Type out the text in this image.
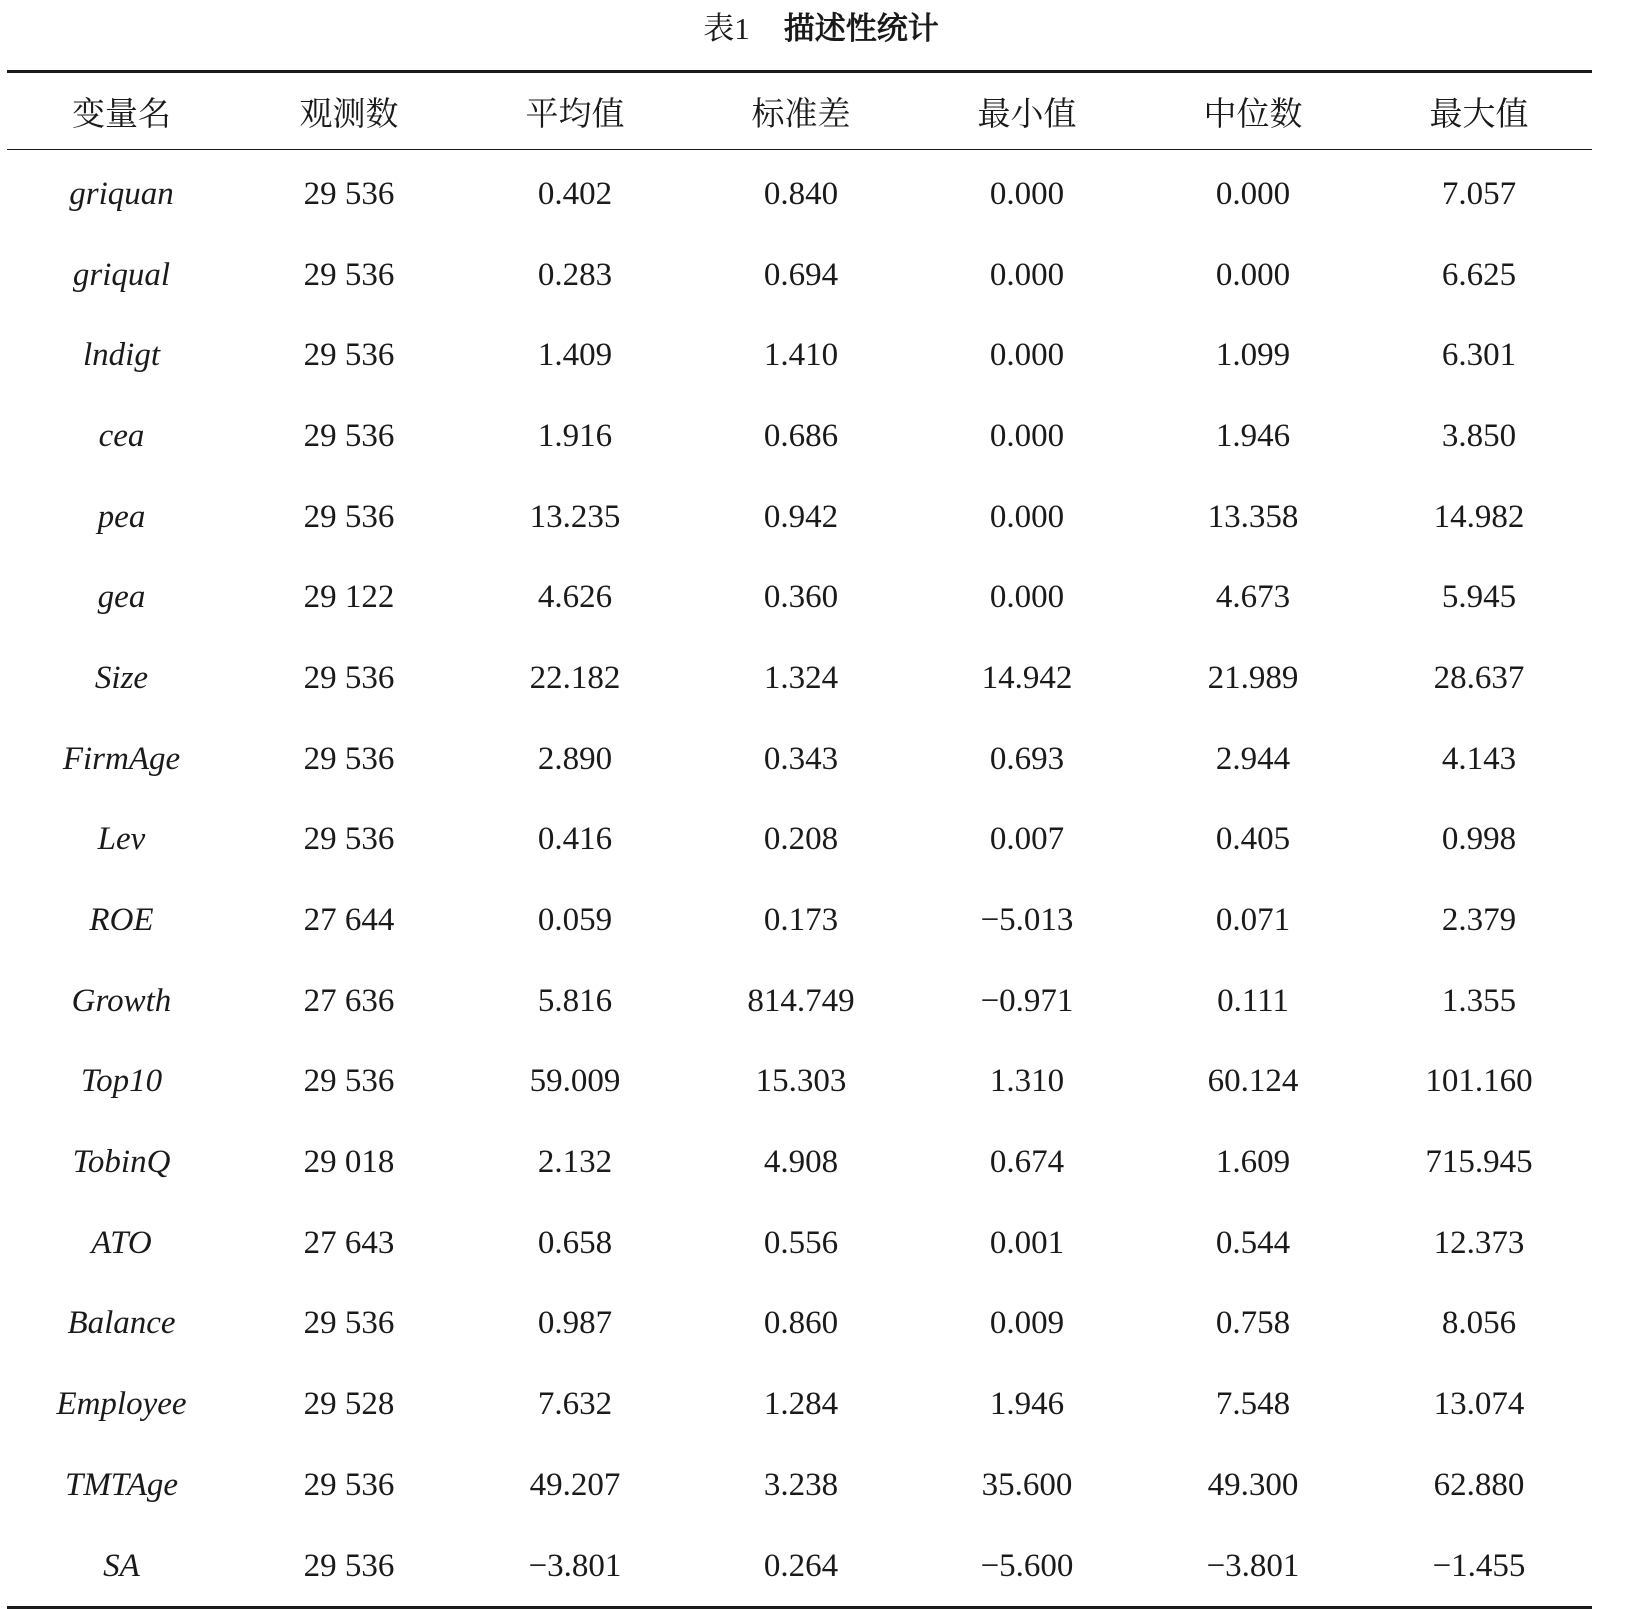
表1 描述性统计
变量名	观测数	平均值	标准差	最小值	中位数	最大值
griquan	29 536	0.402	0.840	0.000	0.000	7.057
griqual	29 536	0.283	0.694	0.000	0.000	6.625
lndigt	29 536	1.409	1.410	0.000	1.099	6.301
cea	29 536	1.916	0.686	0.000	1.946	3.850
pea	29 536	13.235	0.942	0.000	13.358	14.982
gea	29 122	4.626	0.360	0.000	4.673	5.945
Size	29 536	22.182	1.324	14.942	21.989	28.637
FirmAge	29 536	2.890	0.343	0.693	2.944	4.143
Lev	29 536	0.416	0.208	0.007	0.405	0.998
ROE	27 644	0.059	0.173	−5.013	0.071	2.379
Growth	27 636	5.816	814.749	−0.971	0.111	1.355
Top10	29 536	59.009	15.303	1.310	60.124	101.160
TobinQ	29 018	2.132	4.908	0.674	1.609	715.945
ATO	27 643	0.658	0.556	0.001	0.544	12.373
Balance	29 536	0.987	0.860	0.009	0.758	8.056
Employee	29 528	7.632	1.284	1.946	7.548	13.074
TMTAge	29 536	49.207	3.238	35.600	49.300	62.880
SA	29 536	−3.801	0.264	−5.600	−3.801	−1.455
